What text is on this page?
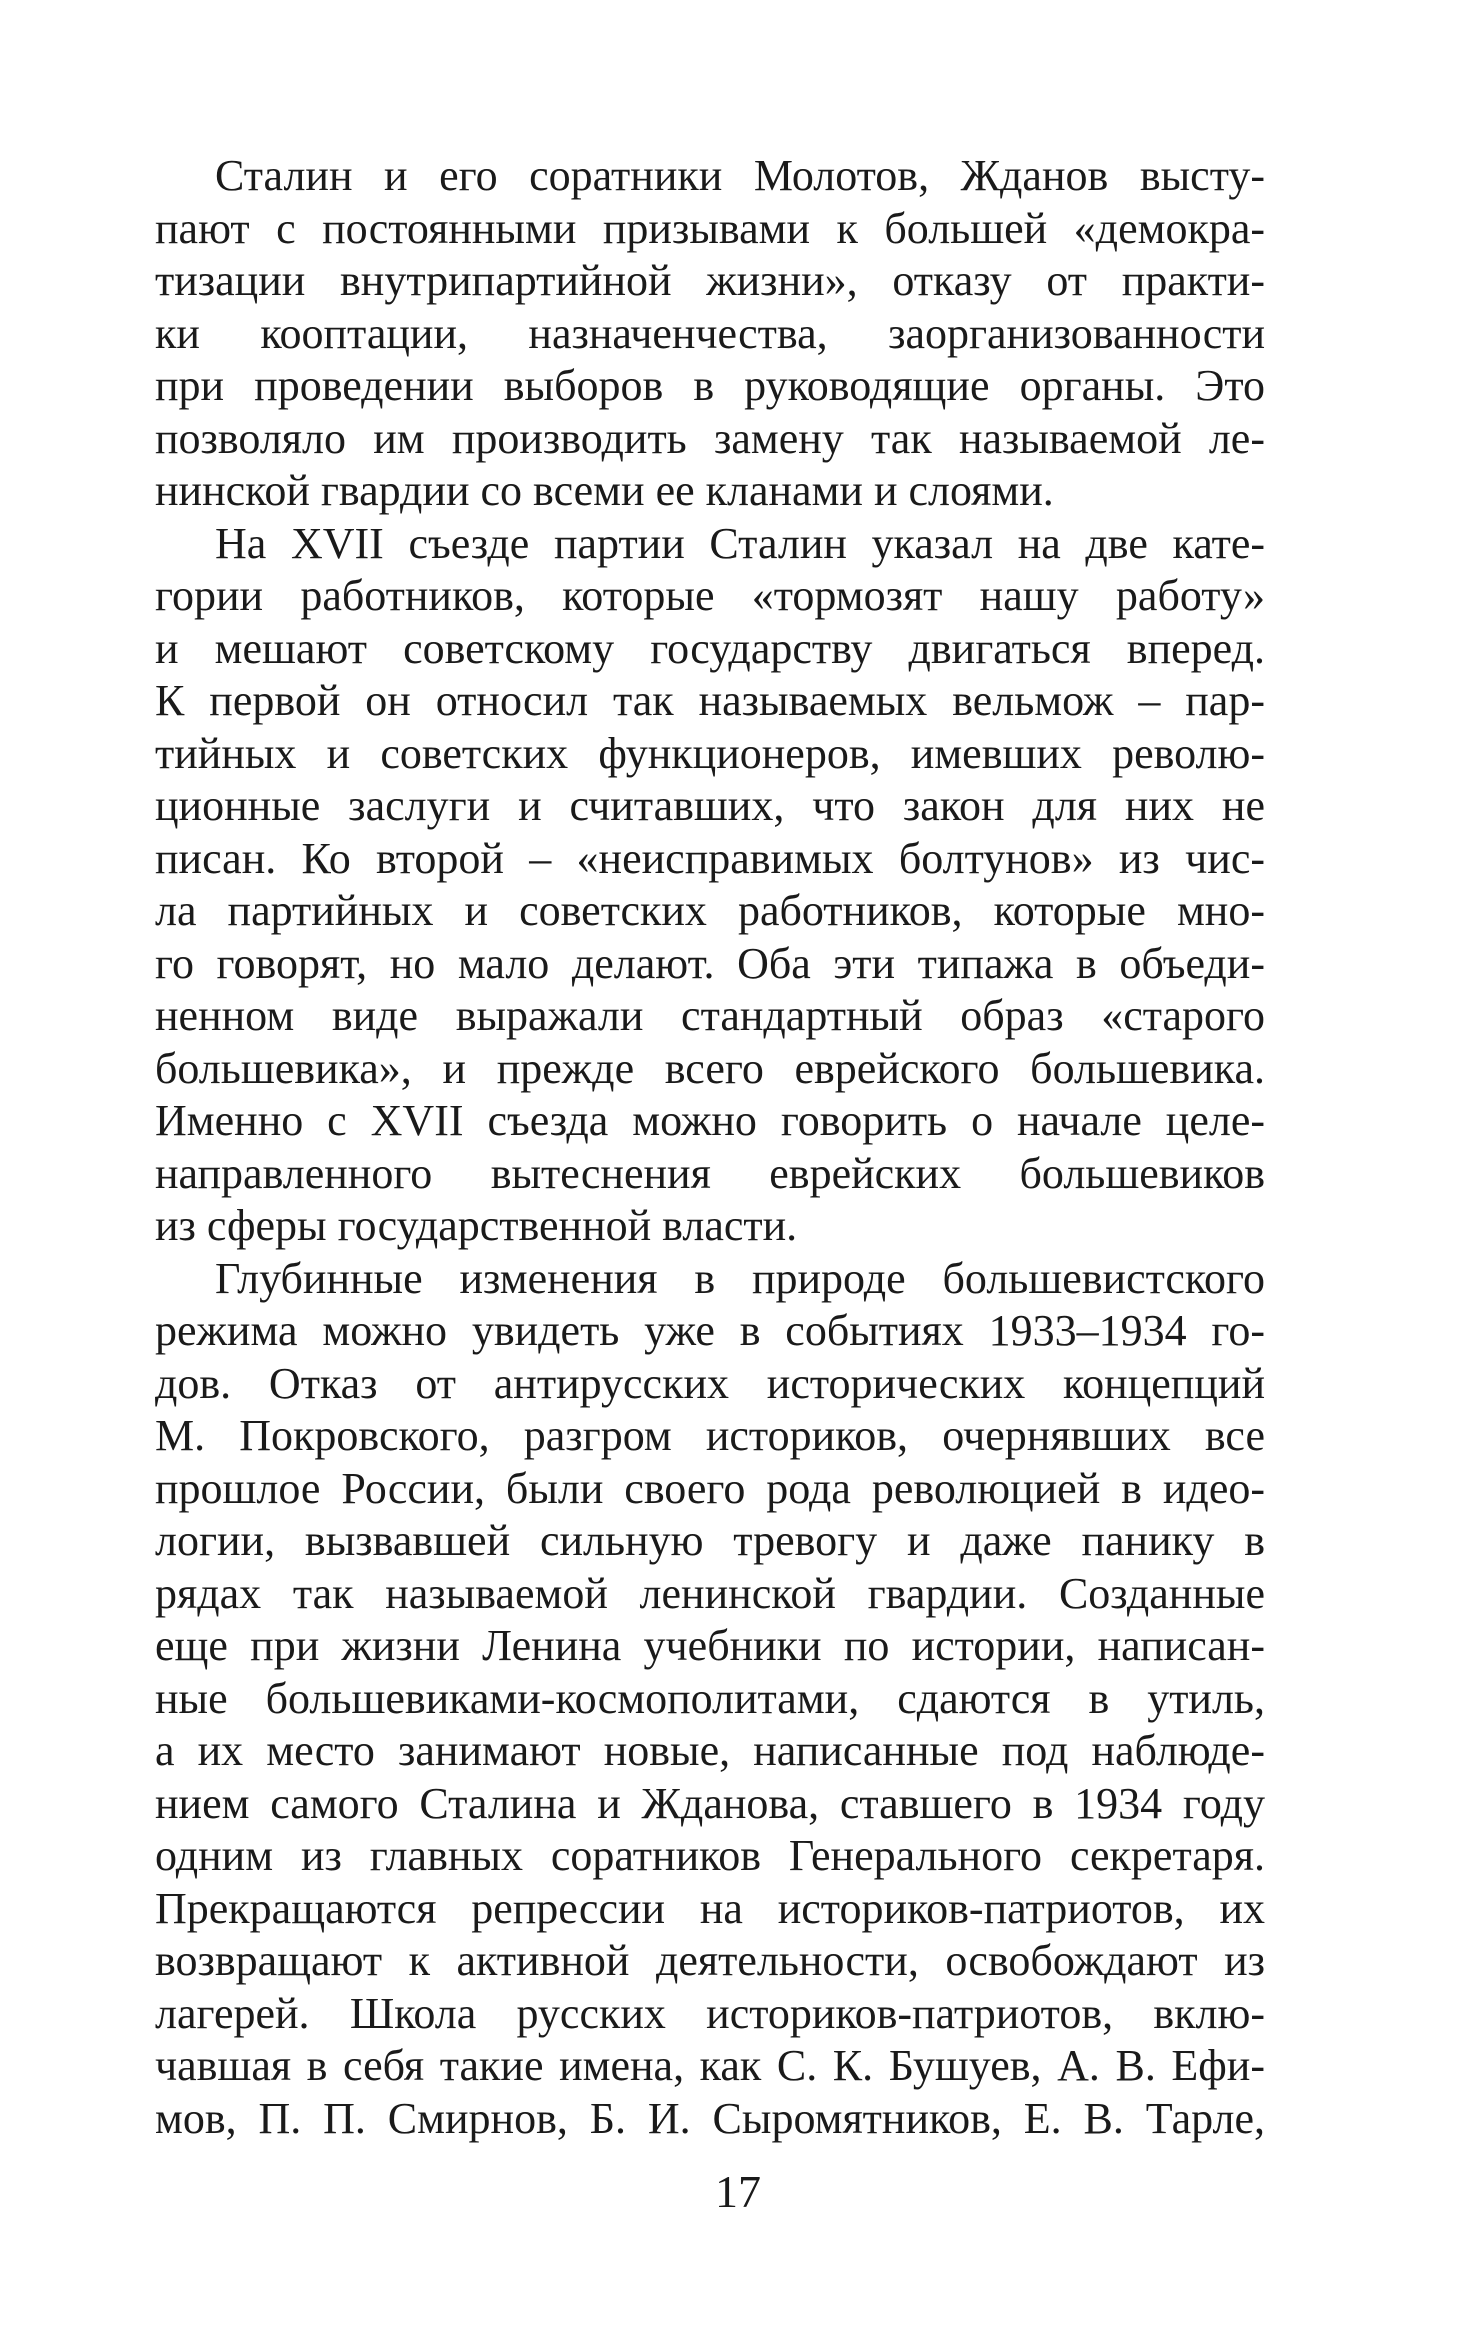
Сталин и его соратники Молотов, Жданов высту-
пают с постоянными призывами к большей «демокра-
тизации внутрипартийной жизни», отказу от практи-
ки кооптации, назначенчества, заорганизованности
при проведении выборов в руководящие органы. Это
позволяло им производить замену так называемой ле-
нинской гвардии со всеми ее кланами и слоями.
На XVII съезде партии Сталин указал на две кате-
гории работников, которые «тормозят нашу работу»
и мешают советскому государству двигаться вперед.
К первой он относил так называемых вельмож – пар-
тийных и советских функционеров, имевших револю-
ционные заслуги и считавших, что закон для них не
писан. Ко второй – «неисправимых болтунов» из чис-
ла партийных и советских работников, которые мно-
го говорят, но мало делают. Оба эти типажа в объеди-
ненном виде выражали стандартный образ «старого
большевика», и прежде всего еврейского большевика.
Именно с XVII съезда можно говорить о начале целе-
направленного вытеснения еврейских большевиков
из сферы государственной власти.
Глубинные изменения в природе большевистского
режима можно увидеть уже в событиях 1933–1934 го-
дов. Отказ от антирусских исторических концепций
М. Покровского, разгром историков, очернявших все
прошлое России, были своего рода революцией в идео-
логии, вызвавшей сильную тревогу и даже панику в
рядах так называемой ленинской гвардии. Созданные
еще при жизни Ленина учебники по истории, написан-
ные большевиками-космополитами, сдаются в утиль,
а их место занимают новые, написанные под наблюде-
нием самого Сталина и Жданова, ставшего в 1934 году
одним из главных соратников Генерального секретаря.
Прекращаются репрессии на историков-патриотов, их
возвращают к активной деятельности, освобождают из
лагерей. Школа русских историков-патриотов, вклю-
чавшая в себя такие имена, как С. К. Бушуев, А. В. Ефи-
мов, П. П. Смирнов, Б. И. Сыромятников, Е. В. Тарле,
17
